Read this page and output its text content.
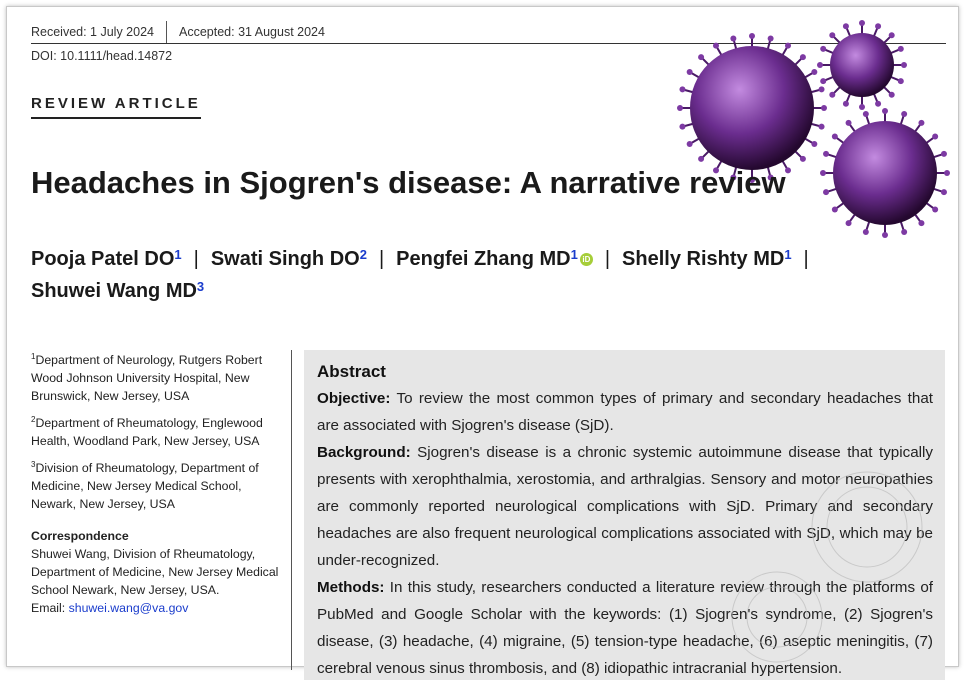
Received: 1 July 2024 Accepted: 31 August 2024
DOI: 10.1111/head.14872
REVIEW ARTICLE
Headaches in Sjogren's disease: A narrative review
Pooja Patel $DO^1$ | Swati Singh $DO^2$ | Pengfei Zhang $MD^1$ iD | Shelly Rishty $MD^1$ |
Shuwei Wang $MD^3$
$^1$Department of Neurology, Rutgers Robert Wood Johnson University Hospital, New Brunswick, New Jersey, USA
$^2$Department of Rheumatology, Englewood Health, Woodland Park, New Jersey, USA
$^3$Division of Rheumatology, Department of Medicine, New Jersey Medical School, Newark, New Jersey, USA
Correspondence
Shuwei Wang, Division of Rheumatology, Department of Medicine, New Jersey Medical School Newark, New Jersey, USA.
Email: shuwei.wang@va.gov
Abstract

Objective: To review the most common types of primary and secondary headaches that are associated with Sjogren's disease (SjD).

Background: Sjogren's disease is a chronic systemic autoimmune disease that typically presents with xerophthalmia, xerostomia, and arthralgias. Sensory and motor neuropathies are commonly reported neurological complications with SjD. Primary and secondary headaches are also frequent neurological complications associated with SjD, which may be under-recognized.

Methods: In this study, researchers conducted a literature review through the platforms of PubMed and Google Scholar with the keywords: (1) Sjogren's syndrome, (2) Sjogren's disease, (3) headache, (4) migraine, (5) tension-type headache, (6) aseptic meningitis, (7) cerebral venous sinus thrombosis, and (8) idiopathic intracranial hypertension.
